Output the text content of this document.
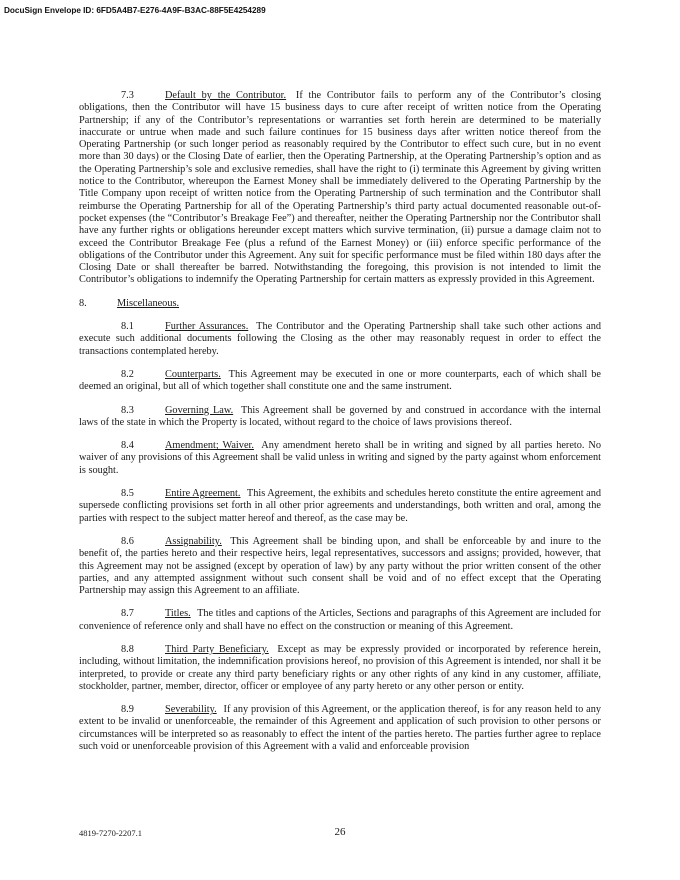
DocuSign Envelope ID: 6FD5A4B7-E276-4A9F-B3AC-88F5E4254289

7.3	Default by the Contributor. If the Contributor fails to perform any of the Contributor’s closing obligations, then the Contributor will have 15 business days to cure after receipt of written notice from the Operating Partnership; if any of the Contributor’s representations or warranties set forth herein are determined to be materially inaccurate or untrue when made and such failure continues for 15 business days after written notice thereof from the Operating Partnership (or such longer period as reasonably required by the Contributor to effect such cure, but in no event more than 30 days) or the Closing Date of earlier, then the Operating Partnership, at the Operating Partnership’s option and as the Operating Partnership’s sole and exclusive remedies, shall have the right to (i) terminate this Agreement by giving written notice to the Contributor, whereupon the Earnest Money shall be immediately delivered to the Operating Partnership by the Title Company upon receipt of written notice from the Operating Partnership of such termination and the Contributor shall reimburse the Operating Partnership for all of the Operating Partnership’s third party actual documented reasonable out-of-pocket expenses (the “Contributor’s Breakage Fee”) and thereafter, neither the Operating Partnership nor the Contributor shall have any further rights or obligations hereunder except matters which survive termination, (ii) pursue a damage claim not to exceed the Contributor Breakage Fee (plus a refund of the Earnest Money) or (iii) enforce specific performance of the obligations of the Contributor under this Agreement. Any suit for specific performance must be filed within 180 days after the Closing Date or shall thereafter be barred. Notwithstanding the foregoing, this provision is not intended to limit the Contributor’s obligations to indemnify the Operating Partnership for certain matters as expressly provided in this Agreement.

8.	Miscellaneous.

8.1	Further Assurances. The Contributor and the Operating Partnership shall take such other actions and execute such additional documents following the Closing as the other may reasonably request in order to effect the transactions contemplated hereby.

8.2	Counterparts. This Agreement may be executed in one or more counterparts, each of which shall be deemed an original, but all of which together shall constitute one and the same instrument.

8.3	Governing Law. This Agreement shall be governed by and construed in accordance with the internal laws of the state in which the Property is located, without regard to the choice of laws provisions thereof.

8.4	Amendment; Waiver. Any amendment hereto shall be in writing and signed by all parties hereto. No waiver of any provisions of this Agreement shall be valid unless in writing and signed by the party against whom enforcement is sought.

8.5	Entire Agreement. This Agreement, the exhibits and schedules hereto constitute the entire agreement and supersede conflicting provisions set forth in all other prior agreements and understandings, both written and oral, among the parties with respect to the subject matter hereof and thereof, as the case may be.

8.6	Assignability. This Agreement shall be binding upon, and shall be enforceable by and inure to the benefit of, the parties hereto and their respective heirs, legal representatives, successors and assigns; provided, however, that this Agreement may not be assigned (except by operation of law) by any party without the prior written consent of the other parties, and any attempted assignment without such consent shall be void and of no effect except that the Operating Partnership may assign this Agreement to an affiliate.

8.7	Titles. The titles and captions of the Articles, Sections and paragraphs of this Agreement are included for convenience of reference only and shall have no effect on the construction or meaning of this Agreement.

8.8	Third Party Beneficiary. Except as may be expressly provided or incorporated by reference herein, including, without limitation, the indemnification provisions hereof, no provision of this Agreement is intended, nor shall it be interpreted, to provide or create any third party beneficiary rights or any other rights of any kind in any customer, affiliate, stockholder, partner, member, director, officer or employee of any party hereto or any other person or entity.

8.9	Severability. If any provision of this Agreement, or the application thereof, is for any reason held to any extent to be invalid or unenforceable, the remainder of this Agreement and application of such provision to other persons or circumstances will be interpreted so as reasonably to effect the intent of the parties hereto. The parties further agree to replace such void or unenforceable provision of this Agreement with a valid and enforceable provision

4819-7270-2207.1	26
